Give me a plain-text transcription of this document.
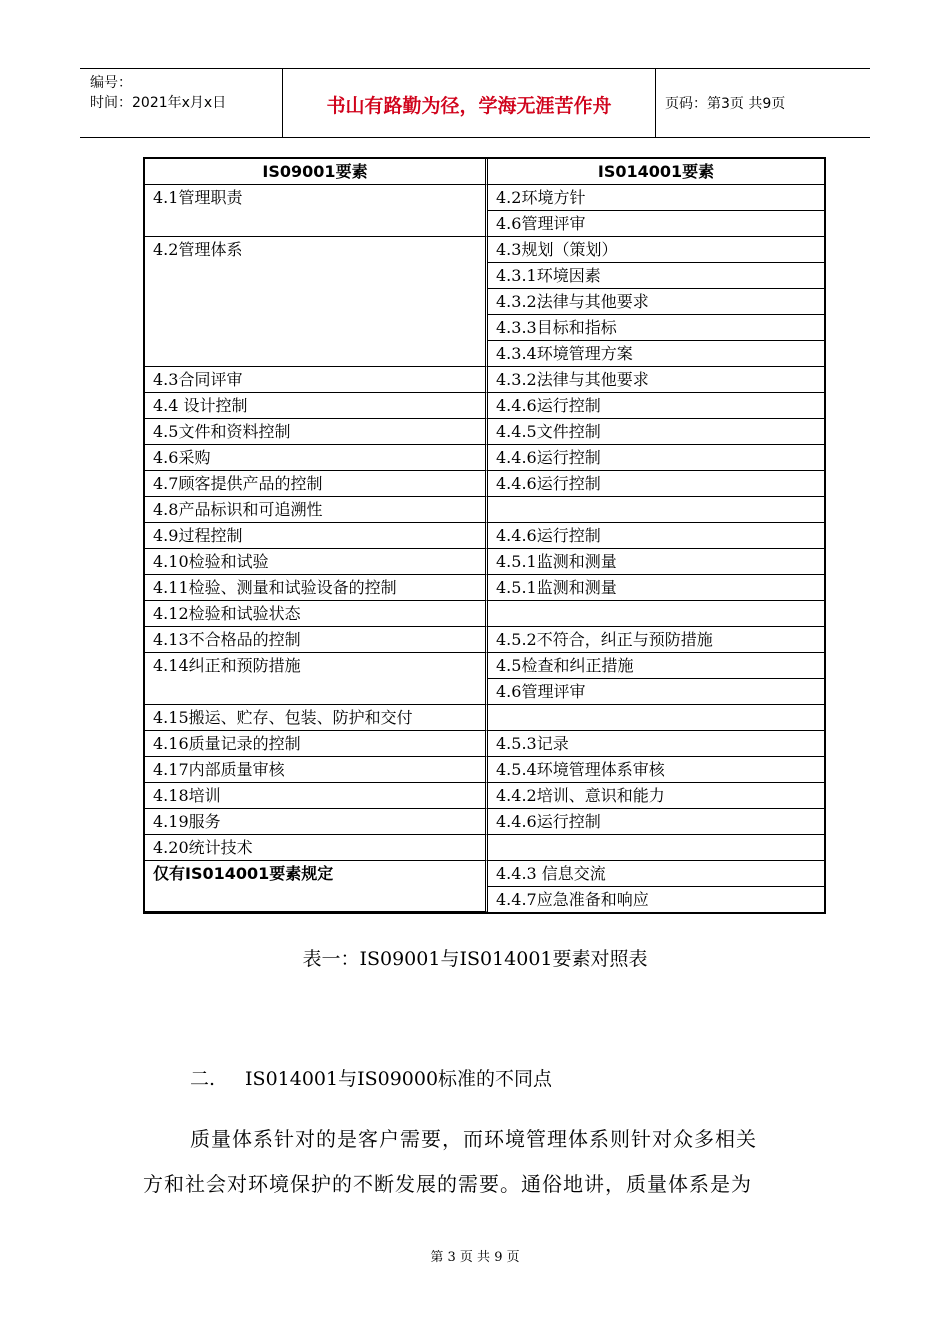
编号：
时间：2021年x月x日	书山有路勤为径，学海无涯苦作舟	页码：第3页 共9页
IS09001要素	IS014001要素
4.1管理职责	4.2环境方针
	4.6管理评审
4.2管理体系	4.3规划（策划）
	4.3.1环境因素
	4.3.2法律与其他要求
	4.3.3目标和指标
	4.3.4环境管理方案
4.3合同评审	4.3.2法律与其他要求
4.4 设计控制	4.4.6运行控制
4.5文件和资料控制	4.4.5文件控制
4.6采购	4.4.6运行控制
4.7顾客提供产品的控制	4.4.6运行控制
4.8产品标识和可追溯性	
4.9过程控制	4.4.6运行控制
4.10检验和试验	4.5.1监测和测量
4.11检验、测量和试验设备的控制	4.5.1监测和测量
4.12检验和试验状态	
4.13不合格品的控制	4.5.2不符合，纠正与预防措施
4.14纠正和预防措施	4.5检查和纠正措施
	4.6管理评审
4.15搬运、贮存、包装、防护和交付	
4.16质量记录的控制	4.5.3记录
4.17内部质量审核	4.5.4环境管理体系审核
4.18培训	4.4.2培训、意识和能力
4.19服务	4.4.6运行控制
4.20统计技术	
仅有IS014001要素规定	4.4.3 信息交流
	4.4.7应急准备和响应
表一：IS09001与IS014001要素对照表
二. IS014001与IS09000标准的不同点
质量体系针对的是客户需要，而环境管理体系则针对众多相关
方和社会对环境保护的不断发展的需要。通俗地讲，质量体系是为
第 3 页 共 9 页
